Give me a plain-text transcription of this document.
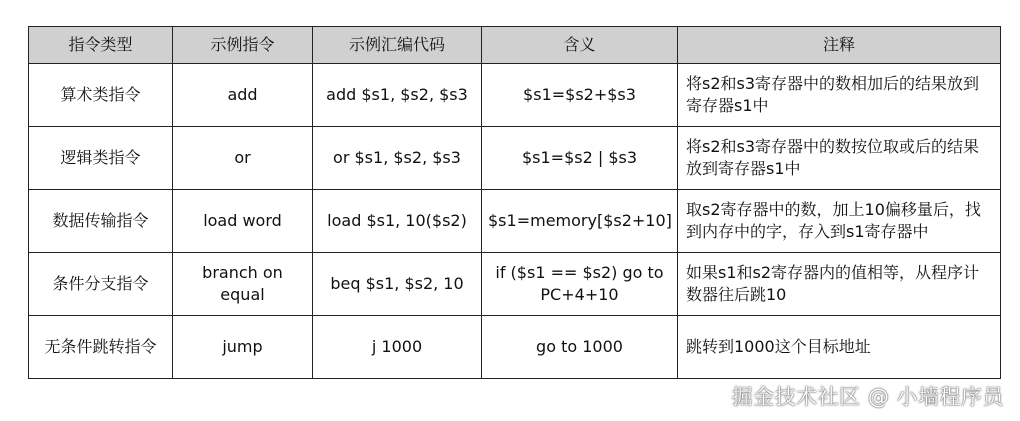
指令类型	示例指令	示例汇编代码	含义	注释
算术类指令	add	add $s1, $s2, $s3	$s1=$s2+$s3	将s2和s3寄存器中的数相加后的结果放到寄存器s1中
逻辑类指令	or	or $s1, $s2, $s3	$s1=$s2 | $s3	将s2和s3寄存器中的数按位取或后的结果放到寄存器s1中
数据传输指令	load word	load $s1, 10($s2)	$s1=memory[$s2+10]	取s2寄存器中的数，加上10偏移量后，找到内存中的字，存入到s1寄存器中
条件分支指令	branch on equal	beq $s1, $s2, 10	if ($s1 == $s2) go to PC+4+10	如果s1和s2寄存器内的值相等，从程序计数器往后跳10
无条件跳转指令	jump	j 1000	go to 1000	跳转到1000这个目标地址
掘金技术社区 @ 小墙程序员
